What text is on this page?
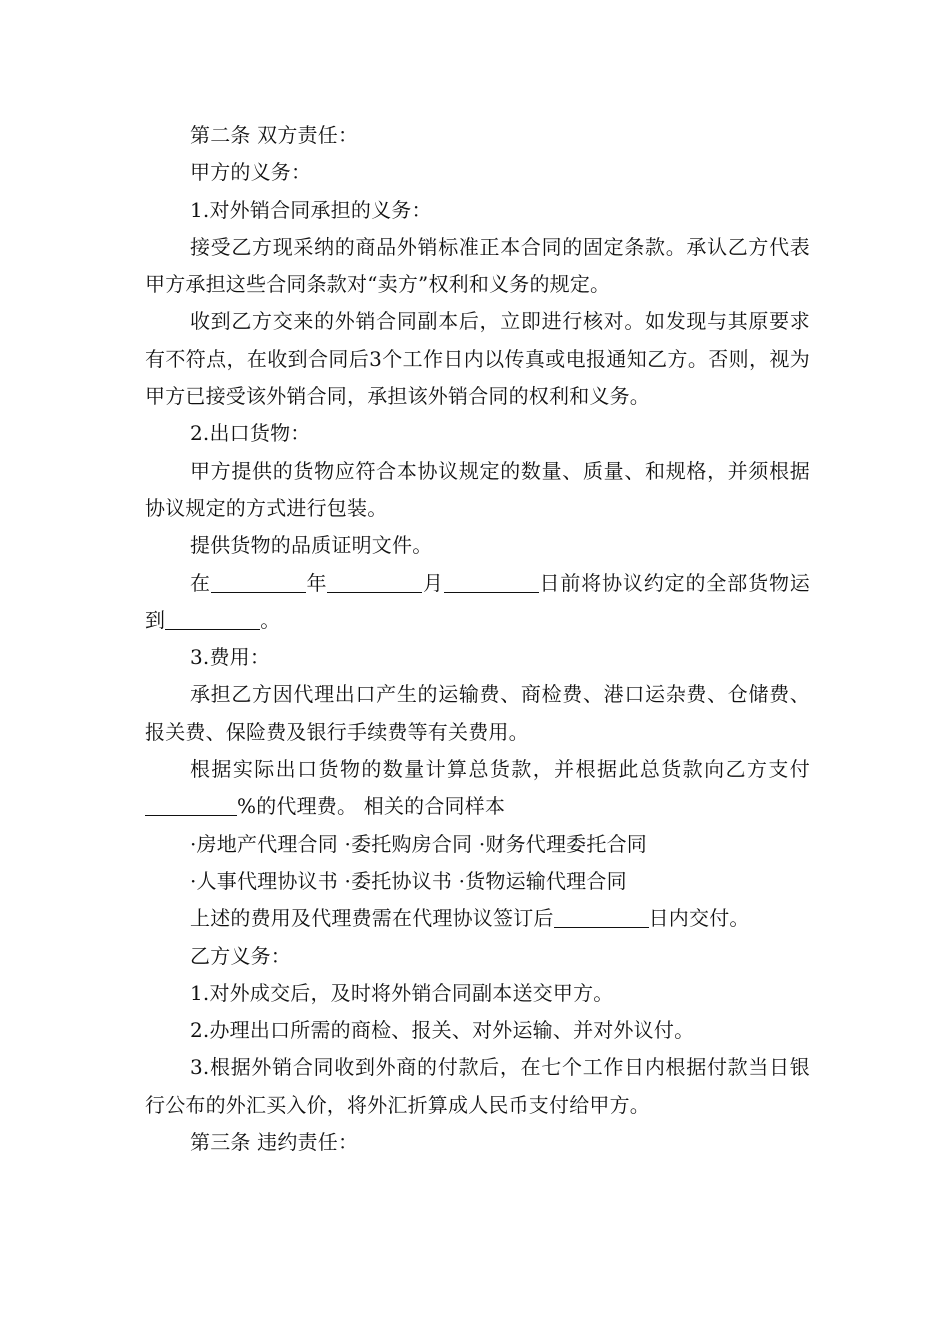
第二条 双方责任：

甲方的义务：

1.对外销合同承担的义务：

接受乙方现采纳的商品外销标准正本合同的固定条款。承认乙方代表甲方承担这些合同条款对“卖方”权利和义务的规定。

收到乙方交来的外销合同副本后，立即进行核对。如发现与其原要求有不符点，在收到合同后3个工作日内以传真或电报通知乙方。否则，视为甲方已接受该外销合同，承担该外销合同的权利和义务。

2.出口货物：

甲方提供的货物应符合本协议规定的数量、质量、和规格，并须根据协议规定的方式进行包装。

提供货物的品质证明文件。

在	年	月	日前将协议约定的全部货物运到	。

3.费用：

承担乙方因代理出口产生的运输费、商检费、港口运杂费、仓储费、报关费、保险费及银行手续费等有关费用。

根据实际出口货物的数量计算总货款，并根据此总货款向乙方支付%的代理费。 相关的合同样本

·房地产代理合同 ·委托购房合同 ·财务代理委托合同

·人事代理协议书 ·委托协议书 ·货物运输代理合同

上述的费用及代理费需在代理协议签订后	日内交付。

乙方义务：

1.对外成交后，及时将外销合同副本送交甲方。

2.办理出口所需的商检、报关、对外运输、并对外议付。

3.根据外销合同收到外商的付款后，在七个工作日内根据付款当日银行公布的外汇买入价，将外汇折算成人民币支付给甲方。

第三条 违约责任：
